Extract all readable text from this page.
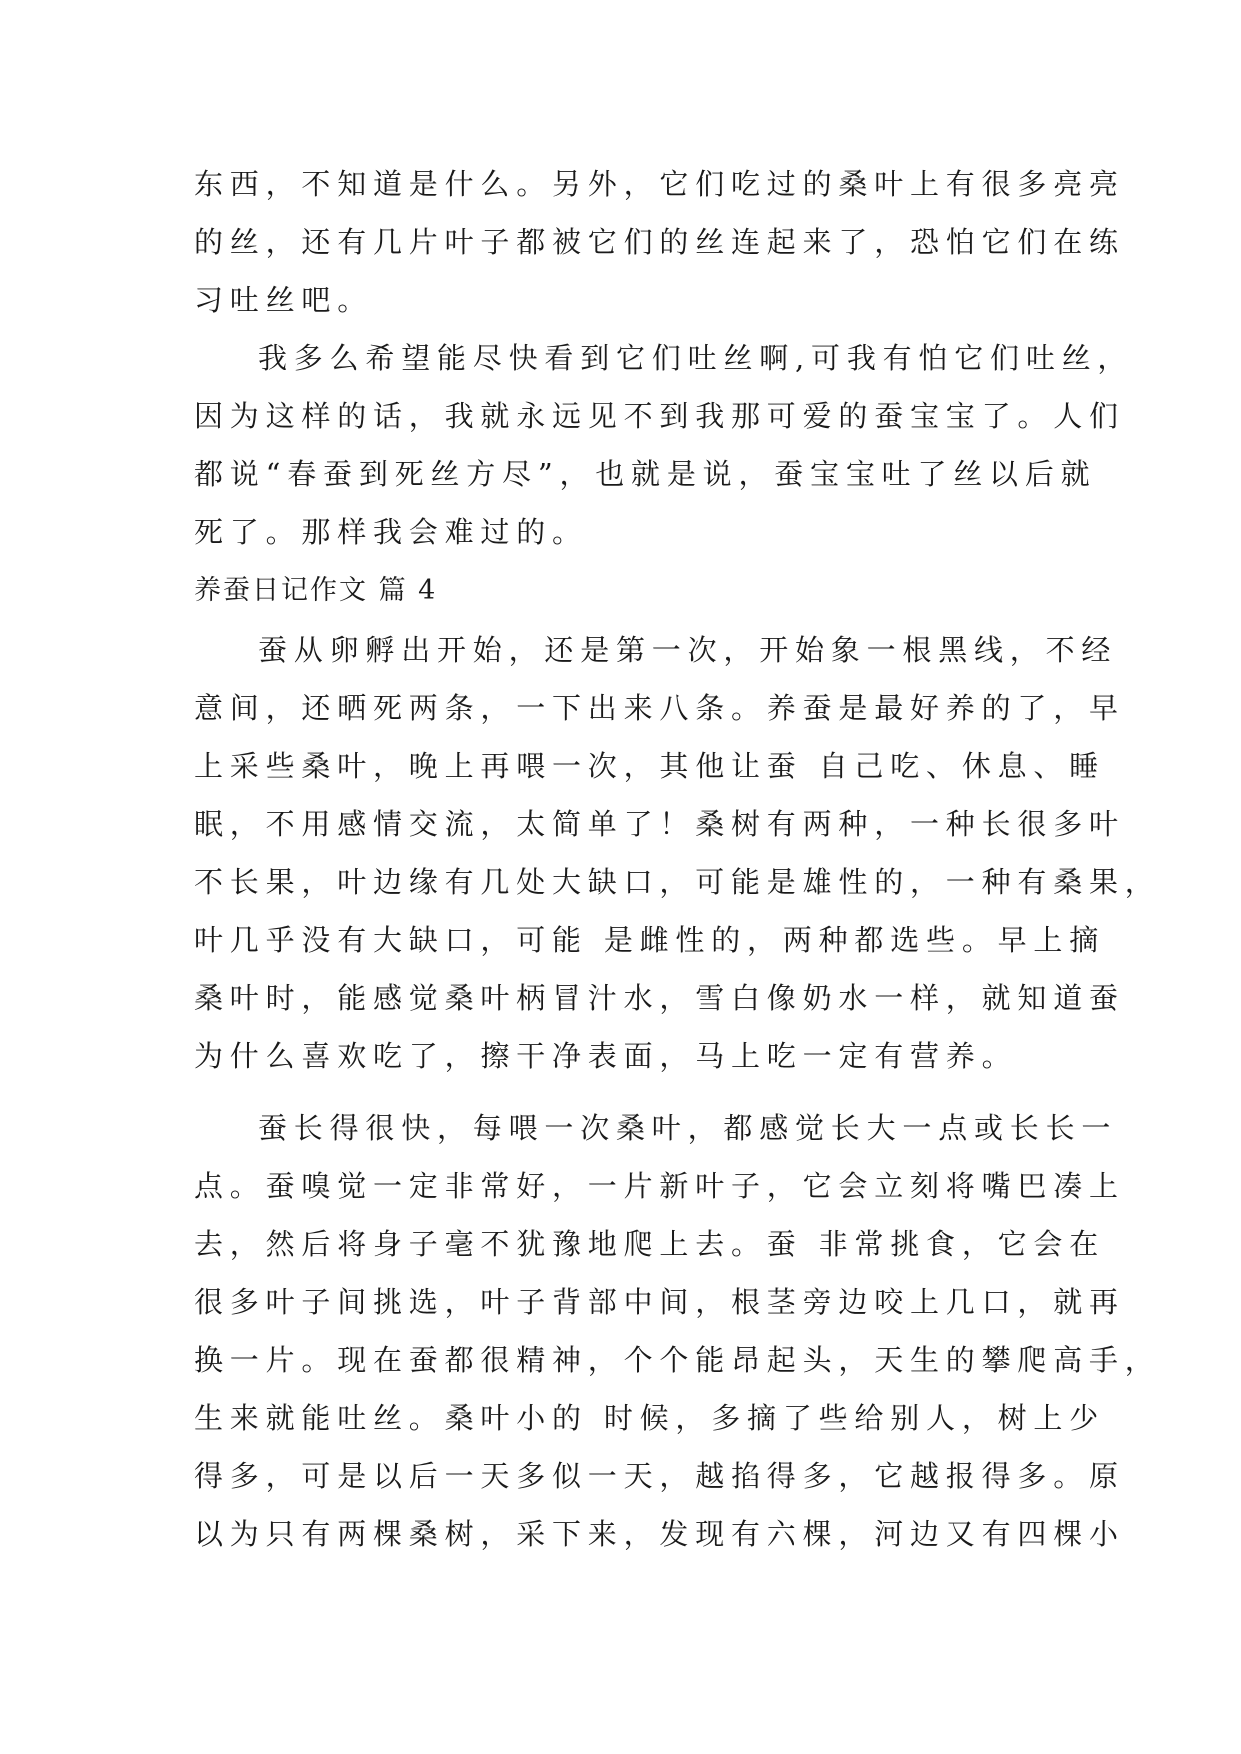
东西，不知道是什么。另外，它们吃过的桑叶上有很多亮亮
的丝，还有几片叶子都被它们的丝连起来了，恐怕它们在练
习吐丝吧。
我多么希望能尽快看到它们吐丝啊,可我有怕它们吐丝，
因为这样的话，我就永远见不到我那可爱的蚕宝宝了。人们
都说“春蚕到死丝方尽”，也就是说，蚕宝宝吐了丝以后就
死了。那样我会难过的。
养蚕日记作文 篇 4
蚕从卵孵出开始，还是第一次，开始象一根黑线，不经
意间，还晒死两条，一下出来八条。养蚕是最好养的了，早
上采些桑叶，晚上再喂一次，其他让蚕 自己吃、休息、睡
眠，不用感情交流，太简单了！桑树有两种，一种长很多叶
不长果，叶边缘有几处大缺口，可能是雄性的，一种有桑果，
叶几乎没有大缺口，可能 是雌性的，两种都选些。早上摘
桑叶时，能感觉桑叶柄冒汁水，雪白像奶水一样，就知道蚕
为什么喜欢吃了，擦干净表面，马上吃一定有营养。
蚕长得很快，每喂一次桑叶，都感觉长大一点或长长一
点。蚕嗅觉一定非常好，一片新叶子，它会立刻将嘴巴凑上
去，然后将身子毫不犹豫地爬上去。蚕 非常挑食，它会在
很多叶子间挑选，叶子背部中间，根茎旁边咬上几口，就再
换一片。现在蚕都很精神，个个能昂起头，天生的攀爬高手，
生来就能吐丝。桑叶小的 时候，多摘了些给别人，树上少
得多，可是以后一天多似一天，越掐得多，它越报得多。原
以为只有两棵桑树，采下来，发现有六棵，河边又有四棵小
